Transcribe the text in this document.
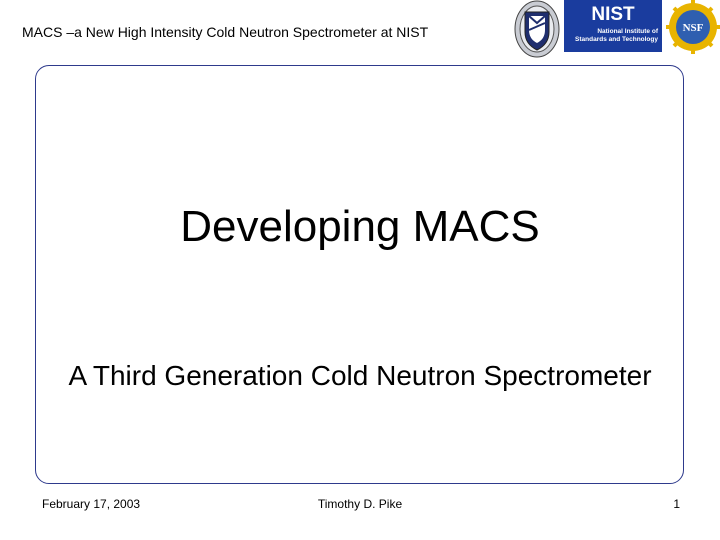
MACS –a New High Intensity Cold Neutron Spectrometer at NIST
NIST
National Institute of
Standards and Technology
NSF
Developing MACS
A Third Generation Cold Neutron Spectrometer
February 17, 2003	Timothy D. Pike	1
